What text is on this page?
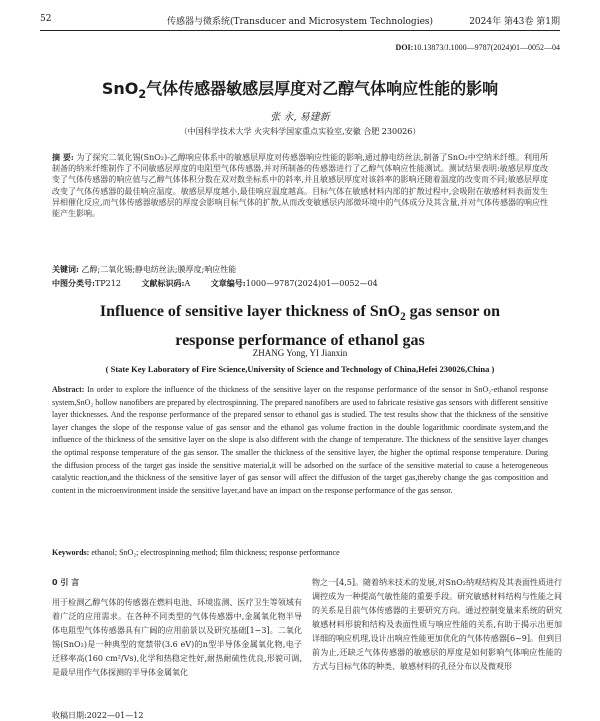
52	传感器与微系统(Transducer and Microsystem Technologies)	2024年 第43卷 第1期
DOI:10.13873/J.1000—9787(2024)01—0052—04
SnO$_2$气体传感器敏感层厚度对乙醇气体响应性能的影响
张 永, 易建新
（中国科学技术大学 火灾科学国家重点实验室,安徽 合肥 230026）
摘 要: 为了探究二氧化锡(SnO₂)-乙醇响应体系中的敏感层厚度对传感器响应性能的影响,通过静电纺丝法,制备了SnO₂中空纳米纤维。利用所制备的纳米纤维制作了不同敏感层厚度的电阻型气体传感器,并对所制备的传感器进行了乙醇气体响应性能测试。测试结果表明:敏感层厚度改变了气体传感器的响应值与乙醇气体体积分数在双对数坐标系中的斜率,并且敏感层厚度对该斜率的影响还随着温度的改变而不同;敏感层厚度改变了气体传感器的最佳响应温度。敏感层厚度越小,最佳响应温度越高。目标气体在敏感材料内部的扩散过程中,会吸附在敏感材料表面发生异相催化反应,而气体传感器敏感层的厚度会影响目标气体的扩散,从而改变敏感层内部微环境中的气体成分及其含量,并对气体传感器的响应性能产生影响。
关键词: 乙醇;二氧化锡;静电纺丝法;膜厚度;响应性能
中图分类号:TP212	文献标识码:A	文章编号:1000—9787(2024)01—0052—04
Influence of sensitive layer thickness of SnO$_2$ gas sensor on
response performance of ethanol gas
ZHANG Yong, YI Jianxin
( State Key Laboratory of Fire Science,University of Science and Technology of China,Hefei 230026,China )
Abstract: In order to explore the influence of the thickness of the sensitive layer on the response performance of the sensor in SnO₂-ethanol response system,SnO₂ hollow nanofibers are prepared by electrospinning. The prepared nanofibers are used to fabricate resistive gas sensors with different sensitive layer thicknesses. And the response performance of the prepared sensor to ethanol gas is studied. The test results show that the thickness of the sensitive layer changes the slope of the response value of gas sensor and the ethanol gas volume fraction in the double logarithmic coordinate system,and the influence of the thickness of the sensitive layer on the slope is also different with the change of temperature. The thickness of the sensitive layer changes the optimal response temperature of the gas sensor. The smaller the thickness of the sensitive layer, the higher the optimal response temperature. During the diffusion process of the target gas inside the sensitive material,it will be adsorbed on the surface of the sensitive material to cause a heterogeneous catalytic reaction,and the thickness of the sensitive layer of gas sensor will affect the diffusion of the target gas,thereby change the gas composition and content in the microenvironment inside the sensitive layer,and have an impact on the response performance of the gas sensor.
Keywords: ethanol; SnO₂; electrospinning method; film thickness; response performance
0 引 言
用于检测乙醇气体的传感器在燃料电池、环境监测、医疗卫生等领域有着广泛的应用需求。在各种不同类型的气体传感器中,金属氧化物半导体电阻型气体传感器具有广阔的应用前景以及研究基础[1~3]。二氧化锡(SnO₂)是一种典型的宽禁带(3.6 eV)的n型半导体金属氧化物,电子迁移率高(160 cm²/Vs),化学和热稳定性好,耐热耐硫性优良,形貌可调,是最早用作气体探测的半导体金属氧化
物之一[4,5]。随着纳米技术的发展,对SnO₂纳观结构及其表面性质进行调控成为一种提高气敏性能的重要手段。研究敏感材料结构与性能之间的关系是目前气体传感器的主要研究方向。通过控制变量来系统的研究敏感材料形貌和结构及表面性质与响应性能的关系,有助于揭示出更加详细的响应机理,设计出响应性能更加优化的气体传感器[6~9]。但到目前为止,还缺乏气体传感器的敏感层的厚度是如何影响气体响应性能的方式与目标气体的种类、敏感材料的孔径分布以及微观形
收稿日期:2022—01—12
